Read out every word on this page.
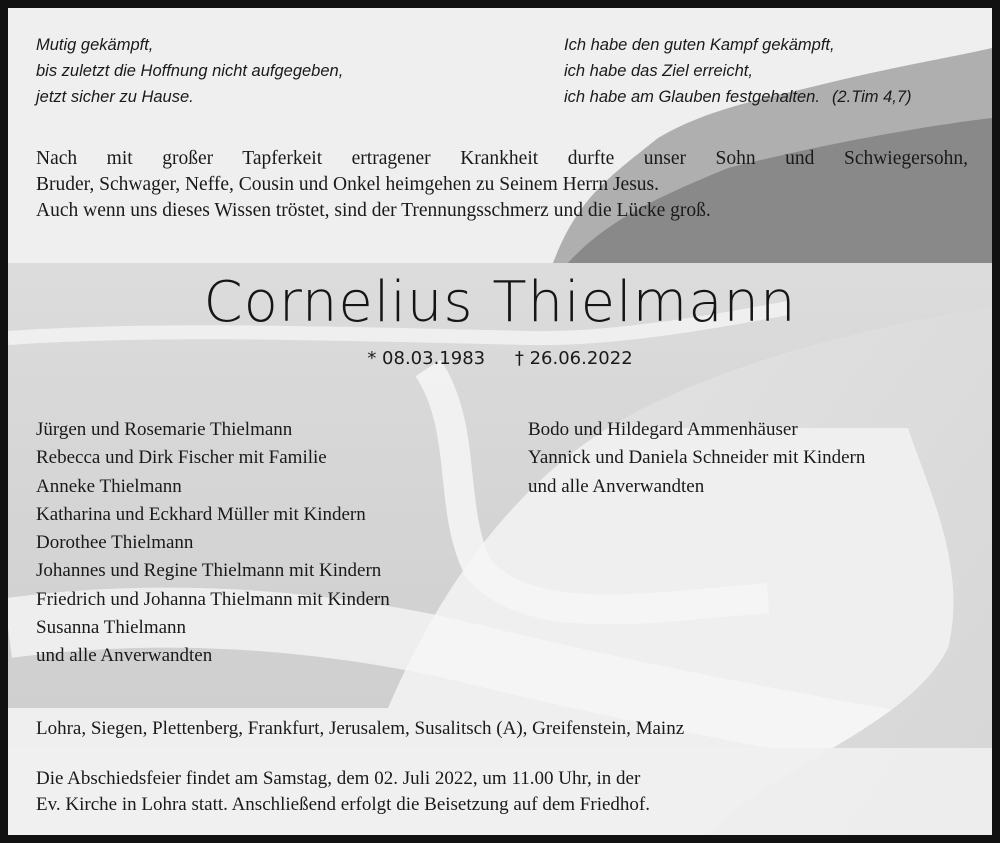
Mutig gekämpft,
bis zuletzt die Hoffnung nicht aufgegeben,
jetzt sicher zu Hause.
Ich habe den guten Kampf gekämpft,
ich habe das Ziel erreicht,
ich habe am Glauben festgehalten. (2.Tim 4,7)
Nach mit großer Tapferkeit ertragener Krankheit durfte unser Sohn und Schwiegersohn,
Bruder, Schwager, Neffe, Cousin und Onkel heimgehen zu Seinem Herrn Jesus.
Auch wenn uns dieses Wissen tröstet, sind der Trennungsschmerz und die Lücke groß.
Cornelius Thielmann
* 08.03.1983 † 26.06.2022
Jürgen und Rosemarie Thielmann
Rebecca und Dirk Fischer mit Familie
Anneke Thielmann
Katharina und Eckhard Müller mit Kindern
Dorothee Thielmann
Johannes und Regine Thielmann mit Kindern
Friedrich und Johanna Thielmann mit Kindern
Susanna Thielmann
und alle Anverwandten
Bodo und Hildegard Ammenhäuser
Yannick und Daniela Schneider mit Kindern
und alle Anverwandten
Lohra, Siegen, Plettenberg, Frankfurt, Jerusalem, Susalitsch (A), Greifenstein, Mainz
Die Abschiedsfeier findet am Samstag, dem 02. Juli 2022, um 11.00 Uhr, in der
Ev. Kirche in Lohra statt. Anschließend erfolgt die Beisetzung auf dem Friedhof.
